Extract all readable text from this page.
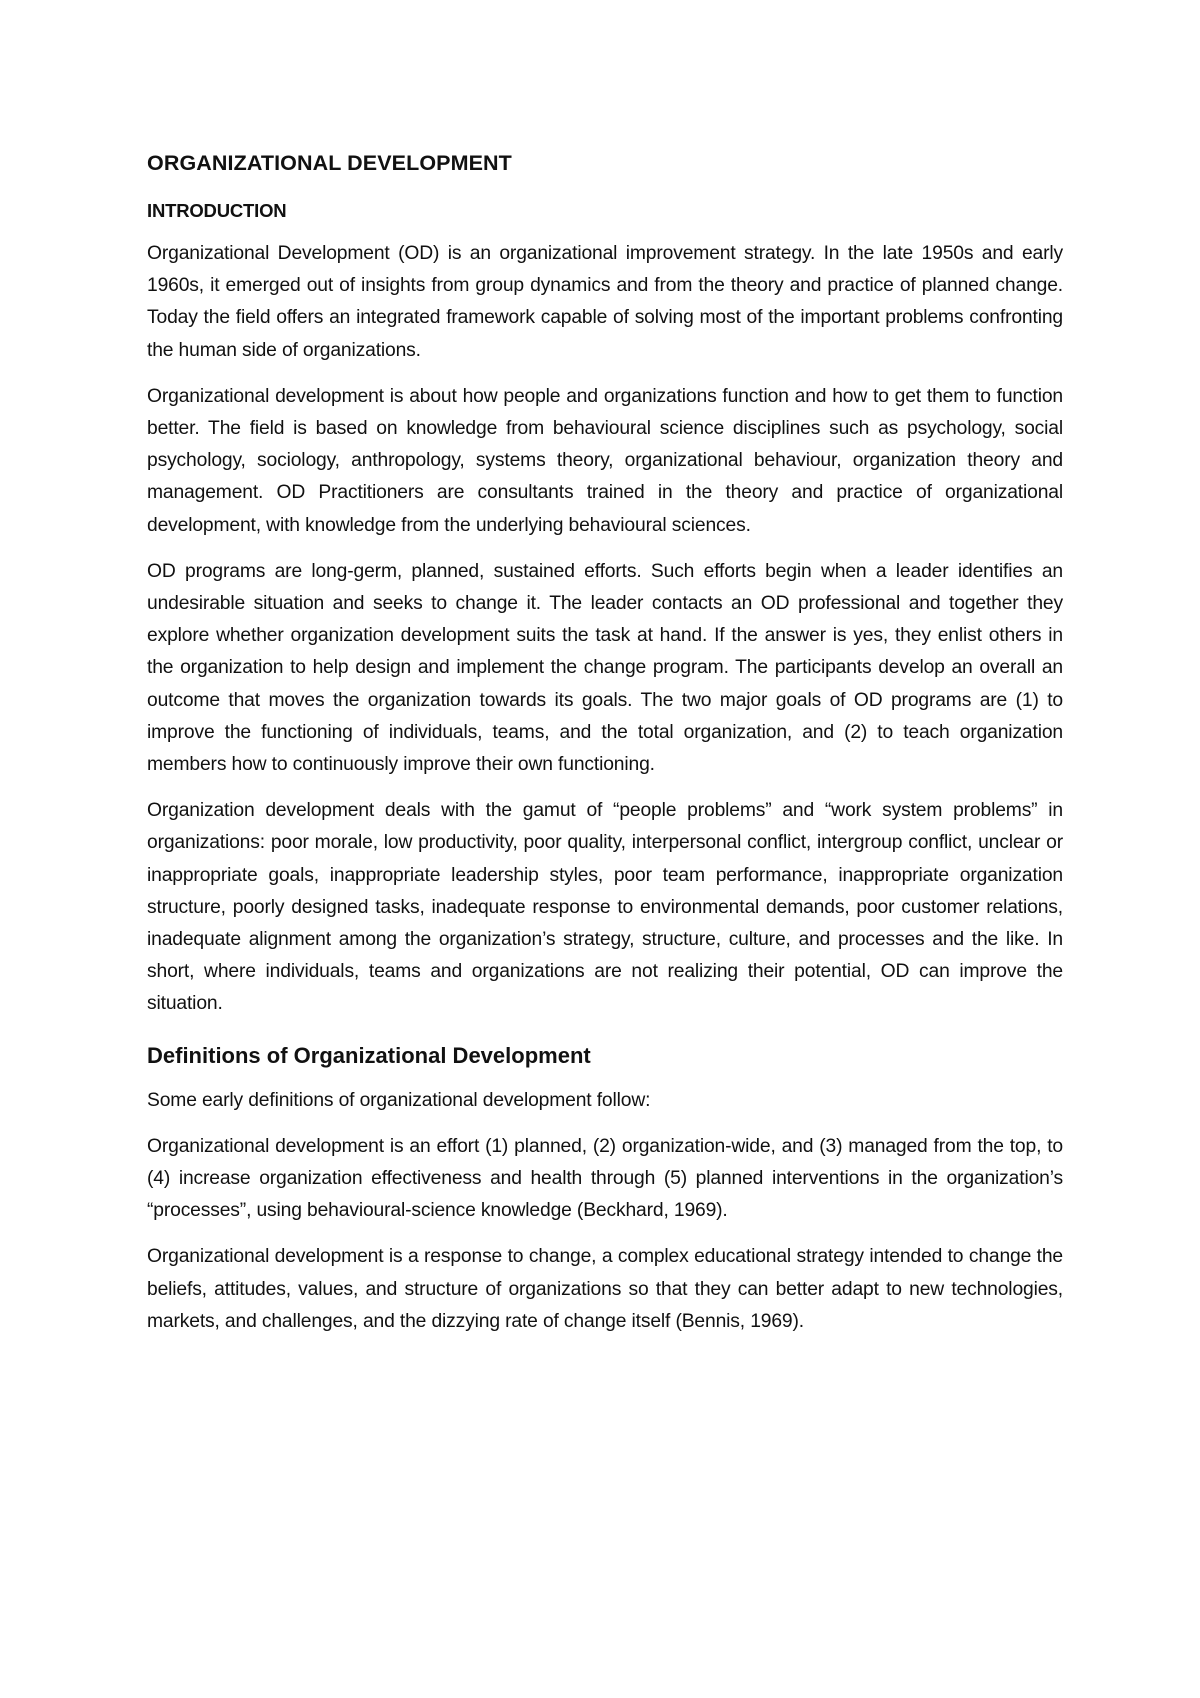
ORGANIZATIONAL DEVELOPMENT
INTRODUCTION

Organizational Development (OD) is an organizational improvement strategy. In the late 1950s and early 1960s, it emerged out of insights from group dynamics and from the theory and practice of planned change. Today the field offers an integrated framework capable of solving most of the important problems confronting the human side of organizations.

Organizational development is about how people and organizations function and how to get them to function better. The field is based on knowledge from behavioural science disciplines such as psychology, social psychology, sociology, anthropology, systems theory, organizational behaviour, organization theory and management. OD Practitioners are consultants trained in the theory and practice of organizational development, with knowledge from the underlying behavioural sciences.

OD programs are long-germ, planned, sustained efforts. Such efforts begin when a leader identifies an undesirable situation and seeks to change it. The leader contacts an OD professional and together they explore whether organization development suits the task at hand. If the answer is yes, they enlist others in the organization to help design and implement the change program. The participants develop an overall an outcome that moves the organization towards its goals. The two major goals of OD programs are (1) to improve the functioning of individuals, teams, and the total organization, and (2) to teach organization members how to continuously improve their own functioning.

Organization development deals with the gamut of “people problems” and “work system problems” in organizations: poor morale, low productivity, poor quality, interpersonal conflict, intergroup conflict, unclear or inappropriate goals, inappropriate leadership styles, poor team performance, inappropriate organization structure, poorly designed tasks, inadequate response to environmental demands, poor customer relations, inadequate alignment among the organization’s strategy, structure, culture, and processes and the like. In short, where individuals, teams and organizations are not realizing their potential, OD can improve the situation.

Definitions of Organizational Development

Some early definitions of organizational development follow:

Organizational development is an effort (1) planned, (2) organization-wide, and (3) managed from the top, to (4) increase organization effectiveness and health through (5) planned interventions in the organization’s “processes”, using behavioural-science knowledge (Beckhard, 1969).

Organizational development is a response to change, a complex educational strategy intended to change the beliefs, attitudes, values, and structure of organizations so that they can better adapt to new technologies, markets, and challenges, and the dizzying rate of change itself (Bennis, 1969).
